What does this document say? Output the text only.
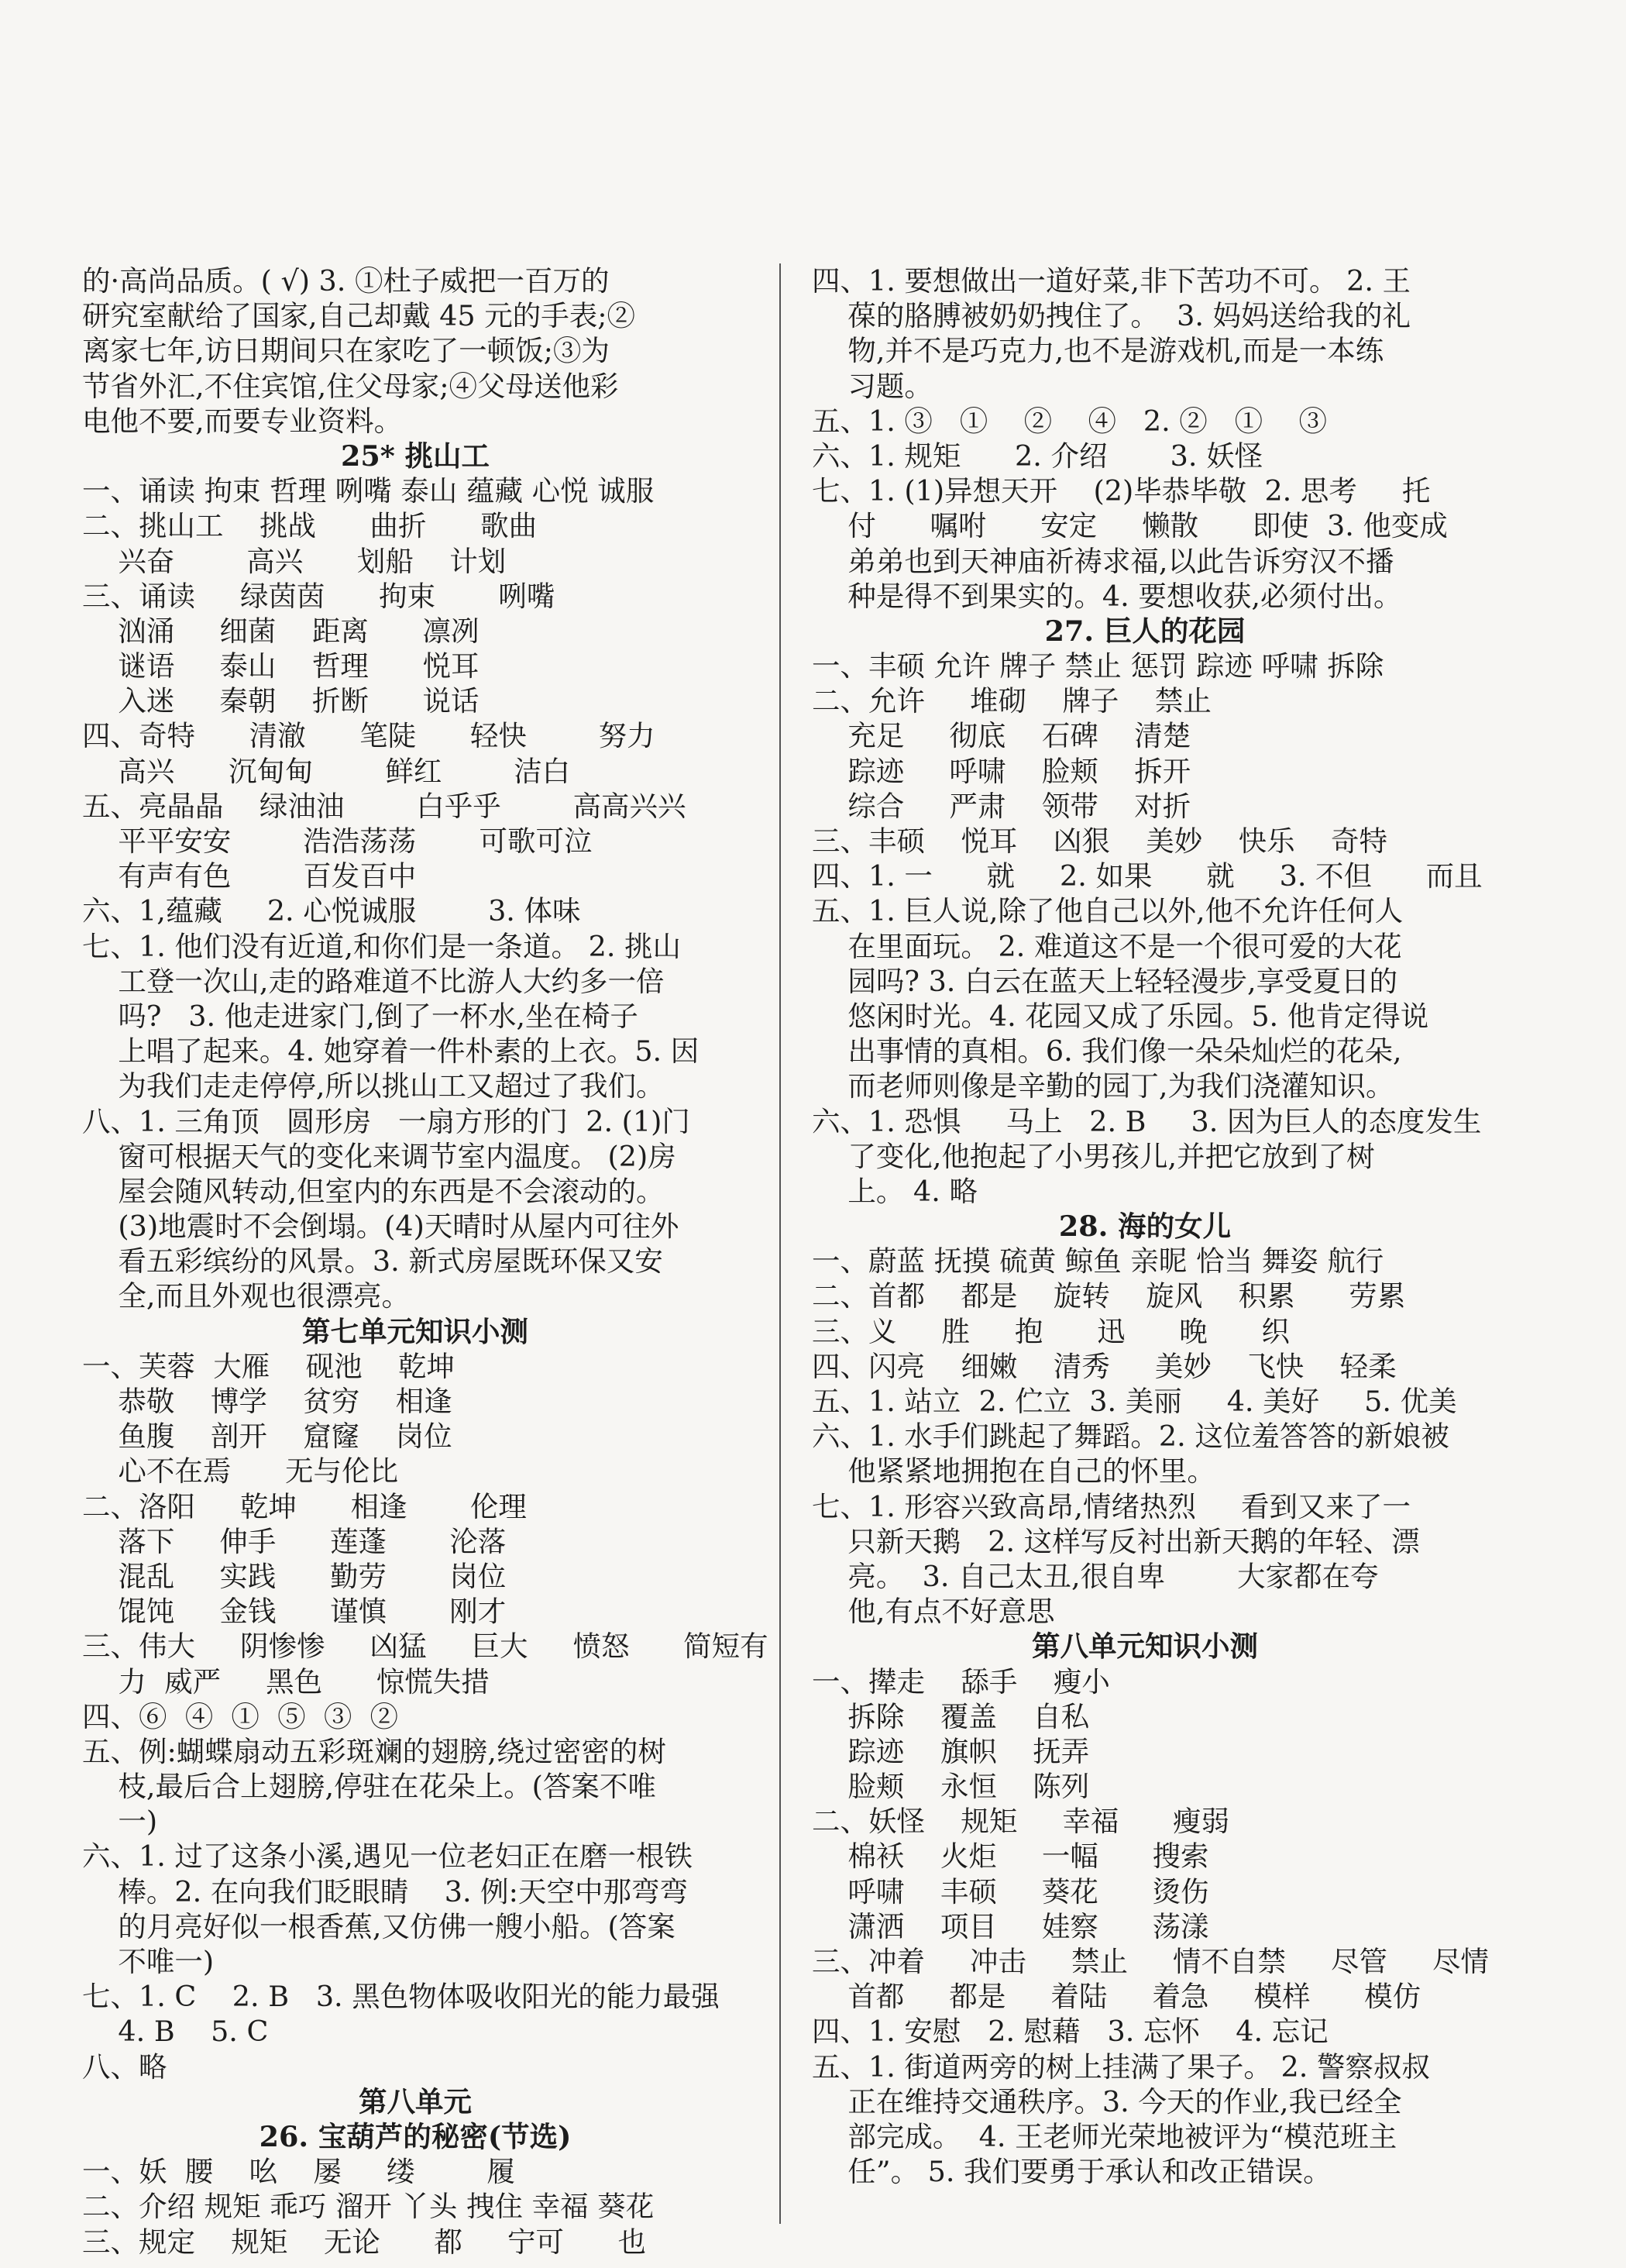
的·高尚品质。( √) 3. ①杜子威把一百万的
研究室献给了国家,自己却戴 45 元的手表;②
离家七年,访日期间只在家吃了一顿饭;③为
节省外汇,不住宾馆,住父母家;④父母送他彩
电他不要,而要专业资料。
25* 挑山工
一、诵读 拘束 哲理 咧嘴 泰山 蕴藏 心悦 诚服
二、挑山工    挑战      曲折      歌曲
兴奋        高兴      划船    计划
三、诵读     绿茵茵      拘束       咧嘴
汹涌     细菌    距离      凛冽
谜语     泰山    哲理      悦耳
入迷     秦朝    折断      说话
四、奇特      清澈      笔陡      轻快        努力
高兴      沉甸甸        鲜红        洁白
五、亮晶晶    绿油油        白乎乎        高高兴兴
平平安安        浩浩荡荡       可歌可泣
有声有色        百发百中
六、1,蕴藏     2. 心悦诚服        3. 体味
七、1. 他们没有近道,和你们是一条道。 2. 挑山
工登一次山,走的路难道不比游人大约多一倍
吗?   3. 他走进家门,倒了一杯水,坐在椅子
上唱了起来。4. 她穿着一件朴素的上衣。5. 因
为我们走走停停,所以挑山工又超过了我们。
八、1. 三角顶   圆形房   一扇方形的门  2. (1)门
窗可根据天气的变化来调节室内温度。 (2)房
屋会随风转动,但室内的东西是不会滚动的。
(3)地震时不会倒塌。(4)天晴时从屋内可往外
看五彩缤纷的风景。3. 新式房屋既环保又安
全,而且外观也很漂亮。
第七单元知识小测
一、芙蓉  大雁    砚池    乾坤
恭敬    博学    贫穷    相逢
鱼腹    剖开    窟窿    岗位
心不在焉      无与伦比
二、洛阳     乾坤      相逢       伦理
落下     伸手      莲蓬       沦落
混乱     实践      勤劳       岗位
馄饨     金钱      谨慎       刚才
三、伟大     阴惨惨     凶猛     巨大     愤怒      简短有
力  威严     黑色      惊慌失措
四、⑥  ④  ①  ⑤  ③  ②
五、例:蝴蝶扇动五彩斑斓的翅膀,绕过密密的树
枝,最后合上翅膀,停驻在花朵上。(答案不唯
一)
六、1. 过了这条小溪,遇见一位老妇正在磨一根铁
棒。2. 在向我们眨眼睛    3. 例:天空中那弯弯
的月亮好似一根香蕉,又仿佛一艘小船。(答案
不唯一)
七、1. C    2. B   3. 黑色物体吸收阳光的能力最强
4. B    5. C
八、略
第八单元
26. 宝葫芦的秘密(节选)
一、妖  腰    吆    屡     缕        履
二、介绍 规矩 乖巧 溜开 丫头 拽住 幸福 葵花
三、规定    规矩    无论      都     宁可      也
四、1. 要想做出一道好菜,非下苦功不可。 2. 王
葆的胳膊被奶奶拽住了。  3. 妈妈送给我的礼
物,并不是巧克力,也不是游戏机,而是一本练
习题。
五、1. ③   ①    ②    ④   2. ②   ①    ③
六、1. 规矩      2. 介绍       3. 妖怪
七、1. (1)异想天开    (2)毕恭毕敬  2. 思考     托
付      嘱咐      安定     懒散      即使  3. 他变成
弟弟也到天神庙祈祷求福,以此告诉穷汉不播
种是得不到果实的。4. 要想收获,必须付出。
27. 巨人的花园
一、丰硕 允许 牌子 禁止 惩罚 踪迹 呼啸 拆除
二、允许     堆砌    牌子    禁止
充足     彻底    石碑    清楚
踪迹     呼啸    脸颊    拆开
综合     严肃    领带    对折
三、丰硕    悦耳    凶狠    美妙    快乐    奇特
四、1. 一      就     2. 如果      就     3. 不但      而且
五、1. 巨人说,除了他自己以外,他不允许任何人
在里面玩。 2. 难道这不是一个很可爱的大花
园吗? 3. 白云在蓝天上轻轻漫步,享受夏日的
悠闲时光。4. 花园又成了乐园。5. 他肯定得说
出事情的真相。6. 我们像一朵朵灿烂的花朵,
而老师则像是辛勤的园丁,为我们浇灌知识。
六、1. 恐惧     马上   2. B     3. 因为巨人的态度发生
了变化,他抱起了小男孩儿,并把它放到了树
上。 4. 略
28. 海的女儿
一、蔚蓝 抚摸 硫黄 鲸鱼 亲昵 恰当 舞姿 航行
二、首都    都是    旋转    旋风    积累      劳累
三、义     胜     抱      迅      晚      织
四、闪亮    细嫩    清秀     美妙    飞快    轻柔
五、1. 站立  2. 伫立  3. 美丽     4. 美好     5. 优美
六、1. 水手们跳起了舞蹈。2. 这位羞答答的新娘被
他紧紧地拥抱在自己的怀里。
七、1. 形容兴致高昂,情绪热烈     看到又来了一
只新天鹅   2. 这样写反衬出新天鹅的年轻、漂
亮。  3. 自己太丑,很自卑        大家都在夸
他,有点不好意思
第八单元知识小测
一、撵走    舔手    瘦小
拆除    覆盖    自私
踪迹    旗帜    抚弄
脸颊    永恒    陈列
二、妖怪    规矩     幸福      瘦弱
棉袄    火炬     一幅      搜索
呼啸    丰硕     葵花      烫伤
潇洒    项目     娃察      荡漾
三、冲着     冲击     禁止     情不自禁     尽管     尽情
首都     都是     着陆     着急     模样      模仿
四、1. 安慰   2. 慰藉   3. 忘怀    4. 忘记
五、1. 街道两旁的树上挂满了果子。 2. 警察叔叔
正在维持交通秩序。3. 今天的作业,我已经全
部完成。  4. 王老师光荣地被评为“模范班主
任”。 5. 我们要勇于承认和改正错误。
